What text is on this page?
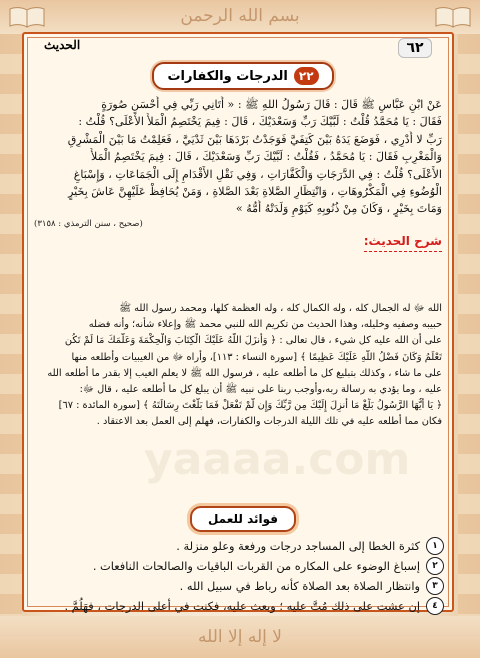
بسم الله الرحمن
لا إله إلا الله
٦٢
الحديث
٢٢
الدرجات والكفارات
عَنْ ابْنِ عَبَّاسٍ ﷺ قَالَ : قَالَ رَسُولُ اللهِ ﷺ : « أَتَانِي رَبِّي فِي أَحْسَنِ صُورَةٍ
فَقَالَ : يَا مُحَمَّدُ قُلْتُ : لَبَّيْكَ رَبِّ وَسَعْدَيْكَ ، قَالَ : فِيمَ يَخْتَصِمُ الْمَلأُ الأَعْلَى؟ قُلْتُ :
رَبِّ لا أَدْرِي ، فَوَضَعَ يَدَهُ بَيْنَ كَتِفَيَّ فَوَجَدْتُ بَرْدَهَا بَيْنَ ثَدْيَيَّ ، فَعَلِمْتُ مَا بَيْنَ الْمَشْرِقِ
وَالْمَغْرِبِ فَقَالَ : يَا مُحَمَّدُ ، فَقُلْتُ : لَبَّيْكَ رَبِّ وَسَعْدَيْكَ ، قَالَ : فِيمَ يَخْتَصِمُ الْمَلأُ
الأَعْلَى؟ قُلْتُ : فِي الدَّرَجَاتِ وَالْكَفَّارَاتِ ، وَفِي نَقْلِ الأَقْدَامِ إِلَى الْجَمَاعَاتِ ، وَإِسْبَاغِ
الْوُضُوءِ فِي الْمَكْرُوهَاتِ ، وَانْتِظَارِ الصَّلاةِ بَعْدَ الصَّلاةِ ، وَمَنْ يُحَافِظْ عَلَيْهِنَّ عَاشَ بِخَيْرٍ
وَمَاتَ بِخَيْرٍ ، وَكَانَ مِنْ ذُنُوبِهِ كَيَوْمِ وَلَدَتْهُ أُمُّهُ »
(صحيح ، سنن الترمذي : ٣١٥٨)
شرح الحديث:
الله ﷻ له الجمال كله ، وله الكمال كله ، وله العظمة كلها، ومحمد رسول الله ﷺ
حبيبه وصفيه وخليله، وهذا الحديث من تكريم الله للنبي محمد ﷺ وإعلاء شأنه؛ وأنه فضله
على أن الله عليه كل شيء ، قال تعالى : ﴿ وَأَنزَلَ اللَّهُ عَلَيْكَ الْكِتَابَ وَالْحِكْمَةَ وَعَلَّمَكَ مَا لَمْ تَكُن
تَعْلَمُ وَكَانَ فَضْلُ اللَّهِ عَلَيْكَ عَظِيمًا ﴾ [سورة النساء : ١١٣]، وأراه ﷻ من الغيبيات وأطلعه منها
على ما شاء ، وكذلك بتبليغ كل ما أطلعه عليه ، فرسول الله ﷺ لا يعلم الغيب إلا بقدر ما أطلعه الله
عليه ، وما يؤدي به رسالة ربه،وأوجب ربنا على نبيه ﷺ أن يبلغ كل ما أطلعه عليه ، قال ﷻ:
﴿ يَا أَيُّهَا الرَّسُولُ بَلِّغْ مَا أُنزِلَ إِلَيْكَ مِن رَّبِّكَ وَإِن لَّمْ تَفْعَلْ فَمَا بَلَّغْتَ رِسَالَتَهُ ﴾ [سورة المائدة : ٦٧]
فكان مما أطلعه عليه في تلك الليلة الدرجات والكفارات، فهلم إلى العمل بعد الاعتقاد .
yaaaa.com
فوائد للعمل
١
كثرة الخطا إلى المساجد درجات ورفعة وعلو منزلة .
٢
إسباغ الوضوء على المكاره من القربات الباقيات والصالحات النافعات .
٣
وانتظار الصلاة بعد الصلاة كأنه رباط في سبيل الله .
٤
إن عشت على ذلك مُتَّ عليه ؛ وبعث عليه، فكنت في أعلى الدرجات ، فهَلُمَّ .
